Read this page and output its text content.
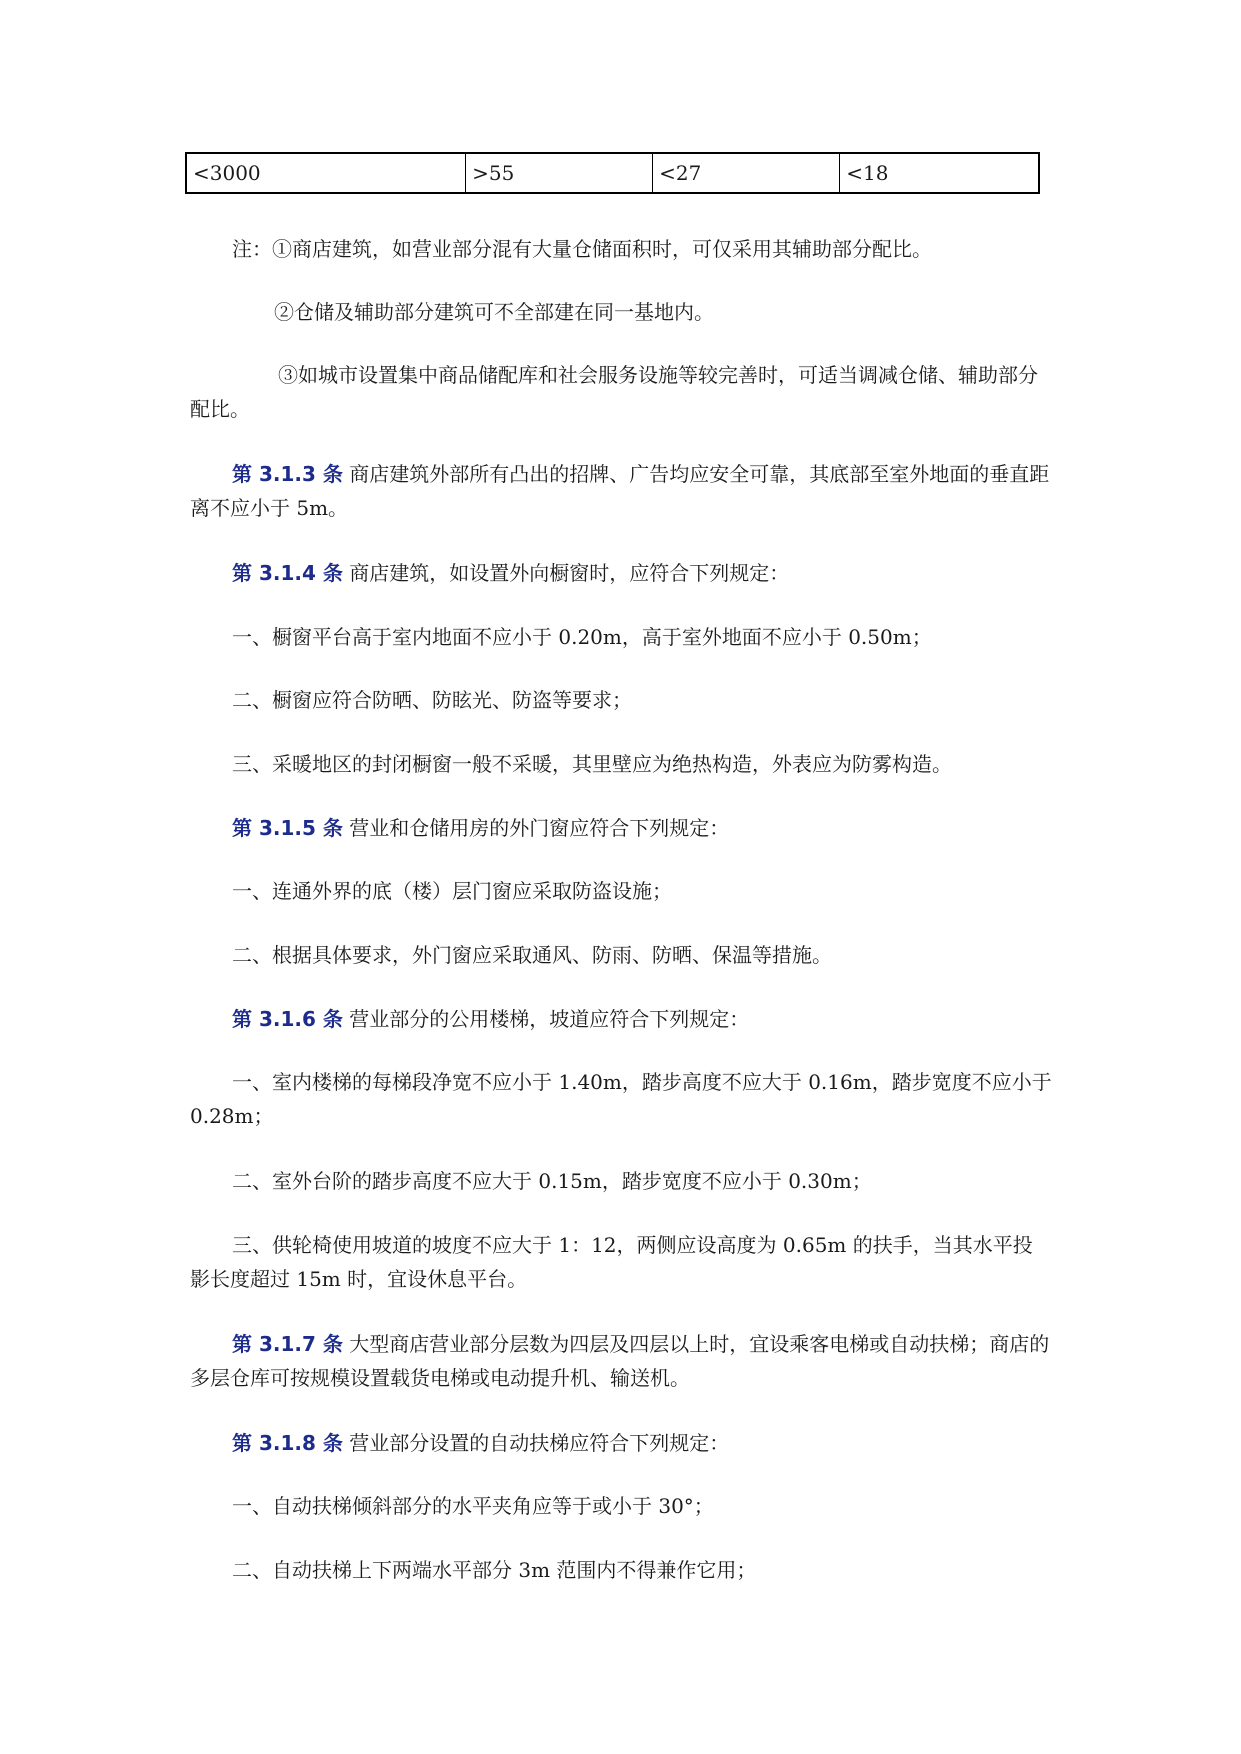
<3000	>55	<27	<18

注：①商店建筑，如营业部分混有大量仓储面积时，可仅采用其辅助部分配比。

②仓储及辅助部分建筑可不全部建在同一基地内。

③如城市设置集中商品储配库和社会服务设施等较完善时，可适当调减仓储、辅助部分配比。

第 3.1.3 条 商店建筑外部所有凸出的招牌、广告均应安全可靠，其底部至室外地面的垂直距离不应小于 5m。

第 3.1.4 条 商店建筑，如设置外向橱窗时，应符合下列规定：

一、橱窗平台高于室内地面不应小于 0.20m，高于室外地面不应小于 0.50m；

二、橱窗应符合防晒、防眩光、防盗等要求；

三、采暖地区的封闭橱窗一般不采暖，其里壁应为绝热构造，外表应为防雾构造。

第 3.1.5 条 营业和仓储用房的外门窗应符合下列规定：

一、连通外界的底（楼）层门窗应采取防盗设施；

二、根据具体要求，外门窗应采取通风、防雨、防晒、保温等措施。

第 3.1.6 条 营业部分的公用楼梯，坡道应符合下列规定：

一、室内楼梯的每梯段净宽不应小于 1.40m，踏步高度不应大于 0.16m，踏步宽度不应小于 0.28m；

二、室外台阶的踏步高度不应大于 0.15m，踏步宽度不应小于 0.30m；

三、供轮椅使用坡道的坡度不应大于 1：12，两侧应设高度为 0.65m 的扶手，当其水平投影长度超过 15m 时，宜设休息平台。

第 3.1.7 条 大型商店营业部分层数为四层及四层以上时，宜设乘客电梯或自动扶梯；商店的多层仓库可按规模设置载货电梯或电动提升机、输送机。

第 3.1.8 条 营业部分设置的自动扶梯应符合下列规定：

一、自动扶梯倾斜部分的水平夹角应等于或小于 30°；

二、自动扶梯上下两端水平部分 3m 范围内不得兼作它用；
